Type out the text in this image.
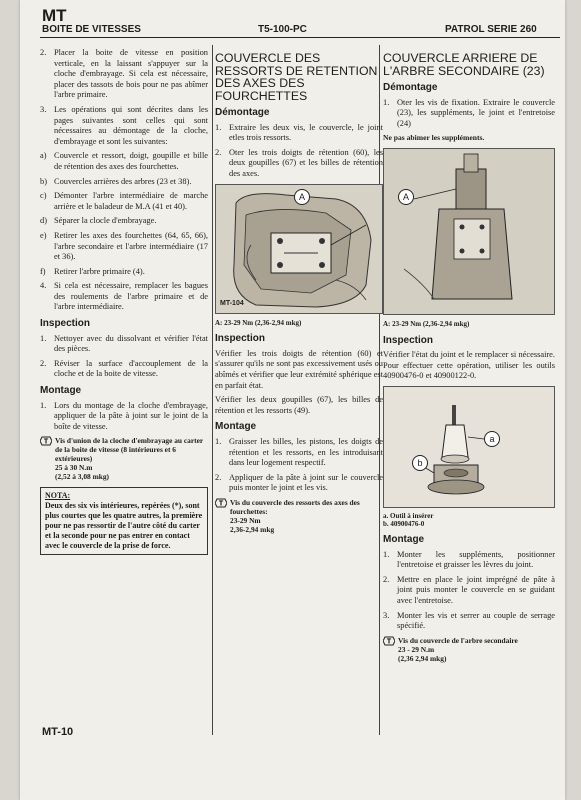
MT
BOITE DE VITESSES	T5-100-PC	PATROL SERIE 260
2. Placer la boite de vitesse en position verticale, en la laissant s'appuyer sur la cloche d'embrayage. Si cela est nécessaire, placer des tassots de bois pour ne pas abîmer l'arbre primaire.
3. Les opérations qui sont décrites dans les pages suivantes sont celles qui sont nécessaires au démontage de la cloche, d'embrayage et sont les suivantes:
a) Couvercle et ressort, doigt, goupille et bille de rétention des axes des fourchettes.
b) Couvercles arrières des arbres (23 et 38).
c) Démonter l'arbre intermédiaire de marche arrière et le baladeur de M.A (41 et 40).
d) Séparer la clocle d'embrayage.
e) Retirer les axes des fourchettes (64, 65, 66), l'arbre secondaire et l'arbre intermédiaire (17 et 36).
f)	Retirer l'arbre primaire (4).
4. Si cela est nécessaire, remplacer les bagues des roulements de l'arbre primaire et de l'arbre intermédiaire.
Inspection
1. Nettoyer avec du dissolvant et vérifier l'état des pièces.
2. Réviser la surface d'accouplement de la cloche et de la boite de vitesse.
Montage
1. Lors du montage de la cloche d'embrayage, appliquer de la pâte à joint sur le joint de la boîte de vitesse.
T Vis d'union de la cloche d'embrayage au carter de la boite de vitesse (8 intérieures et 6 extérieures)
25 à 30 N.m
(2,52 à 3,08 mkg)
NOTA:
Deux des six vis intérieures, repérées (*), sont plus courtes que les quatre autres, la première pour ne pas ressortir de l'autre côté du carter et la seconde pour ne pas entrer en contact avec le couvercle de la prise de force.
COUVERCLE DES RESSORTS DE RETENTION DES AXES DES FOURCHETTES
Démontage
1. Extraire les deux vis, le couvercle, le joint etles trois ressorts.
2. Oter les trois doigts de rétention (60), les deux goupilles (67) et les billes de rétention des axes.
A
MT-104
A: 23-29 Nm (2,36-2,94 mkg)
Inspection
Vérifier les trois doigts de rétention (60) et s'assurer qu'ils ne sont pas excessivement usés ou abîmés et vérifier que leur extrémité sphérique est en parfait état.
Vérifier les deux goupilles (67), les billes de rétention et les ressorts (49).
Montage
1. Graisser les billes, les pistons, les doigts de rétention et les ressorts, en les introduisant dans leur logement respectif.
2. Appliquer de la pâte à joint sur le couvercle puis monter le joint et les vis.
T Vis du couvercle des ressorts des axes des fourchettes:
23-29 Nm
2,36-2,94 mkg
COUVERCLE ARRIERE DE L'ARBRE SECONDAIRE (23)
Démontage
1. Oter les vis de fixation. Extraire le couvercle (23), les suppléments, le joint et l'entretoise (24)
Ne pas abimer les suppléments.
A
A: 23-29 Nm (2,36-2,94 mkg)
Inspection
Vérifier l'état du joint et le remplacer si nécessaire. Pour effectuer cette opération, utiliser les outils 40900476-0 et 40900122-0.
a
b
a. Outil à insérer
b. 40900476-0
Montage
1. Monter les suppléments, positionner l'entretoise et graisser les lèvres du joint.
2. Mettre en place le joint imprégné de pâte à joint puis monter le couvercle en se guidant avec l'entretoise.
3. Monter les vis et serrer au couple de serrage spécifié.
T Vis du couvercle de l'arbre secondaire
23 - 29 N.m
(2,36 2,94 mkg)
MT-10
